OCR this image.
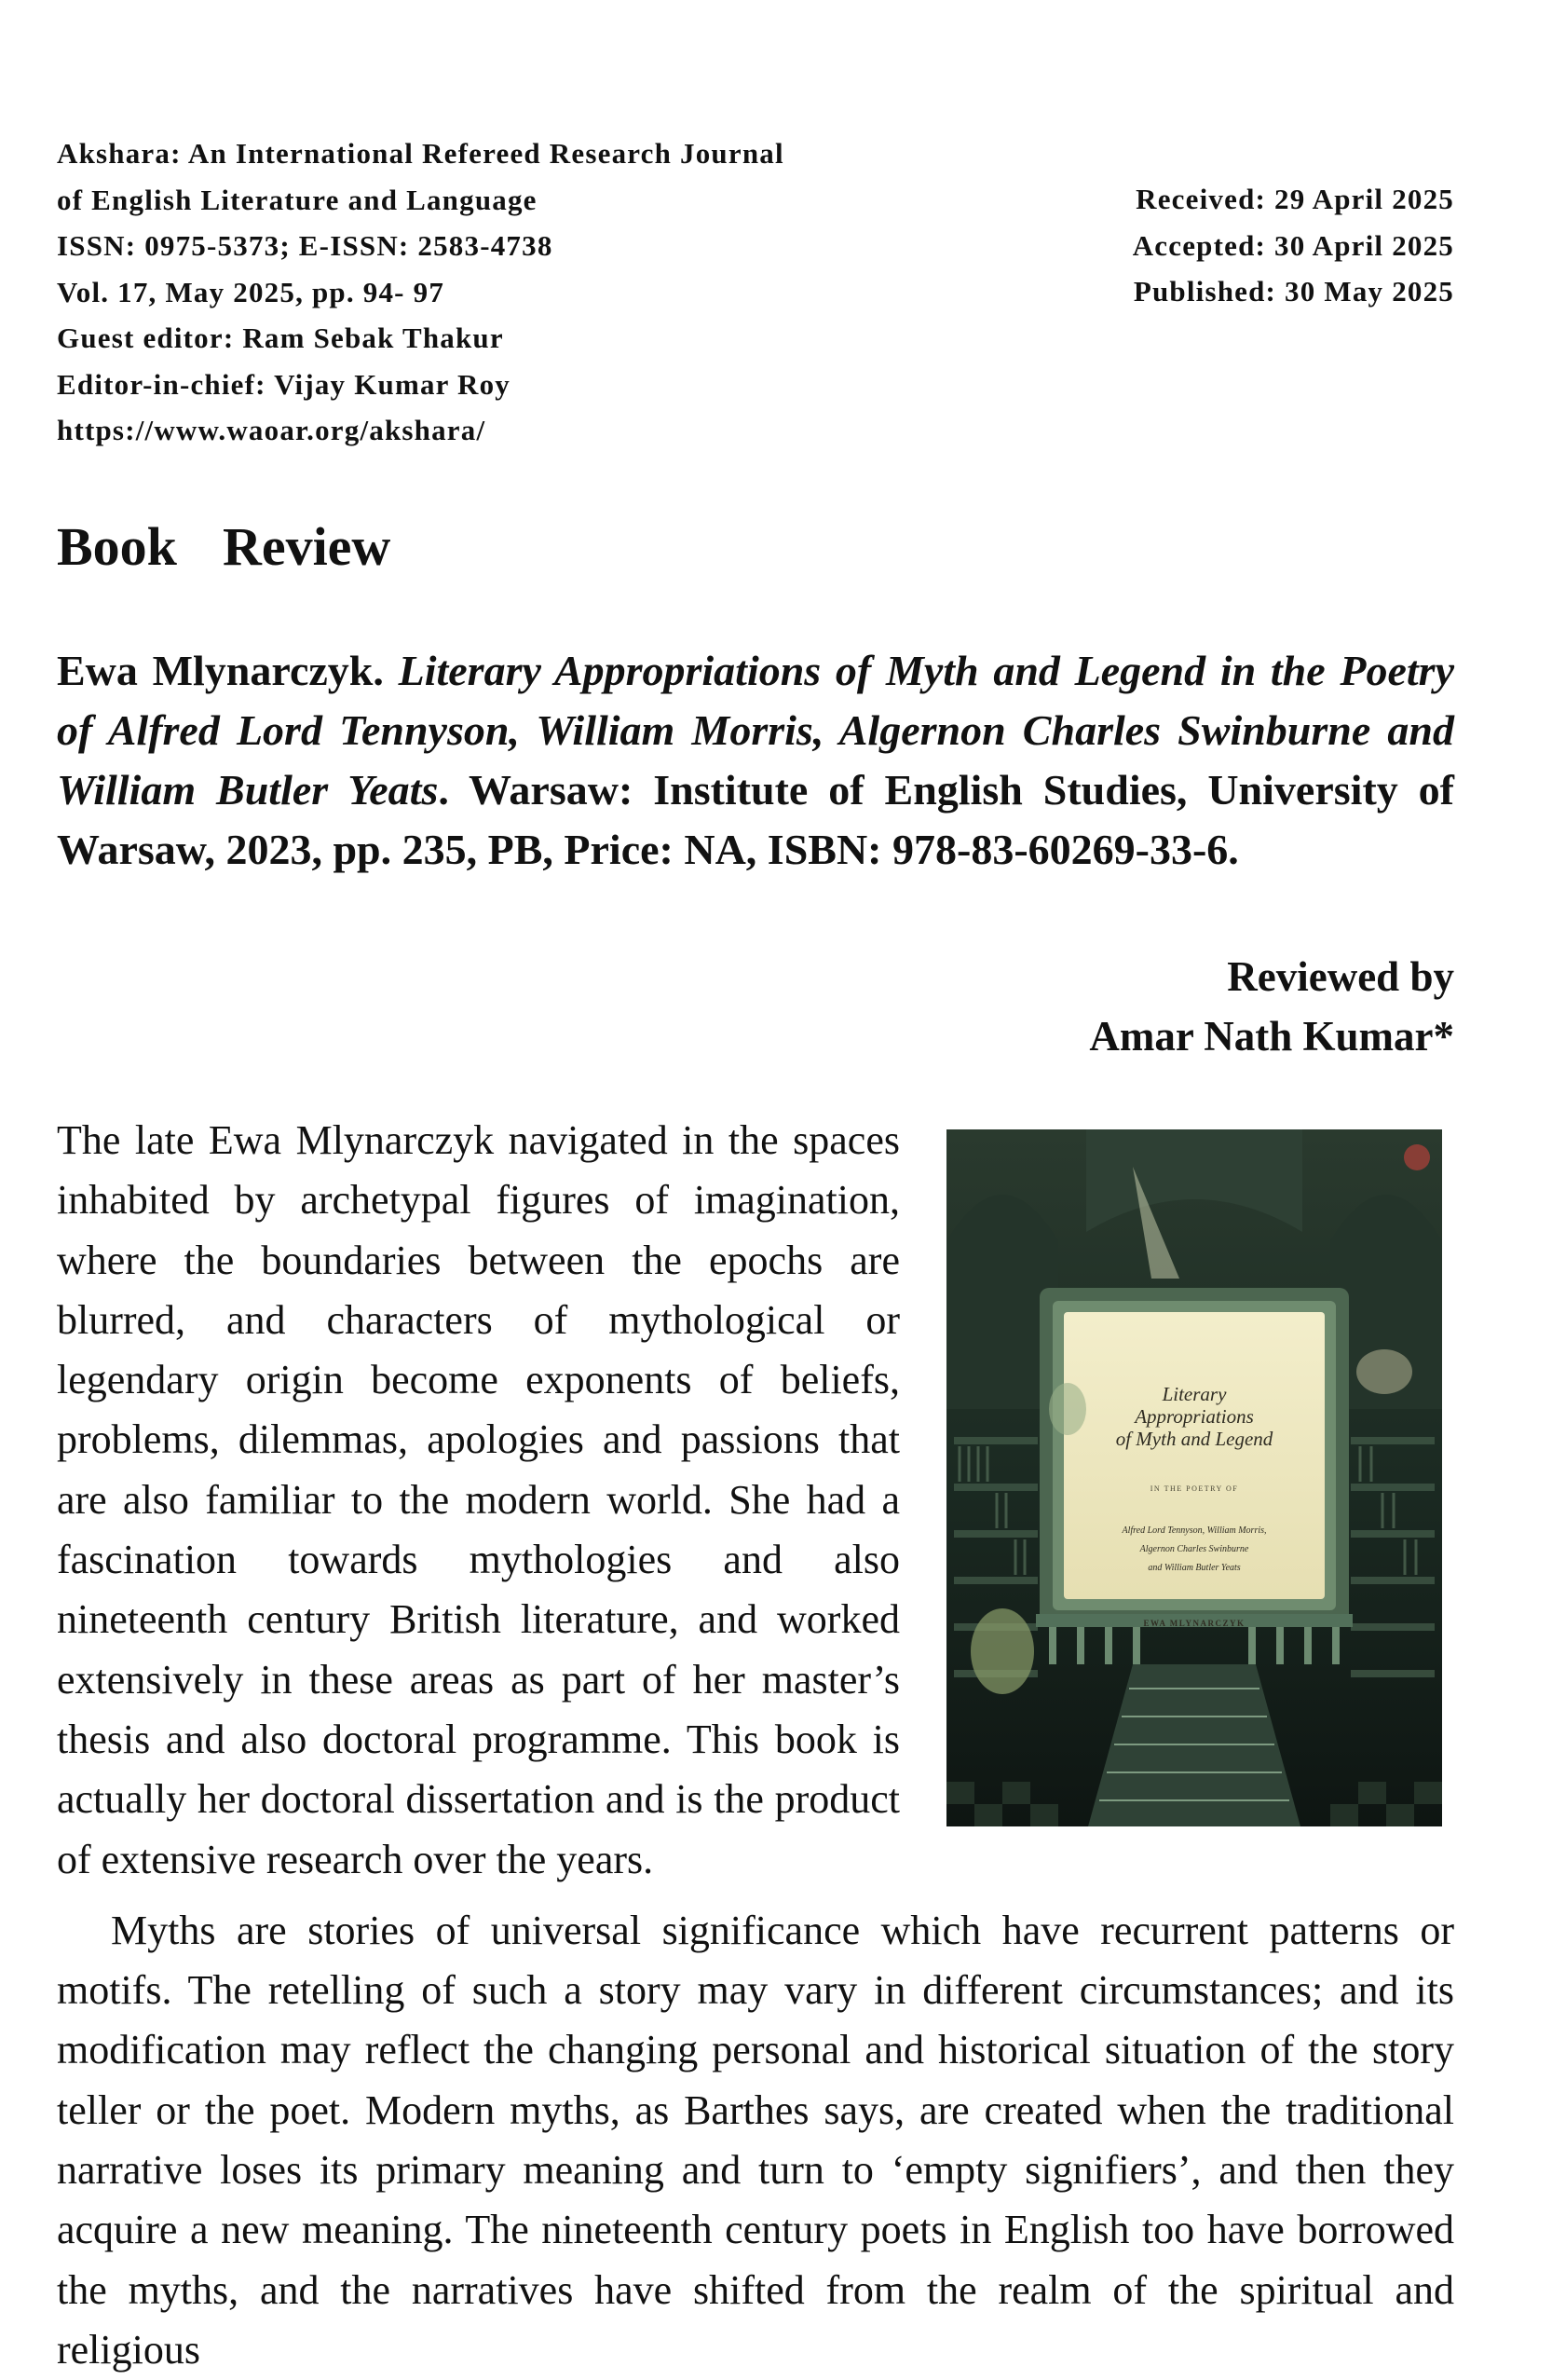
Akshara: An International Refereed Research Journal
of English Literature and Language
ISSN: 0975-5373; E-ISSN: 2583-4738
Vol. 17, May 2025, pp. 94- 97
Guest editor: Ram Sebak Thakur
Editor-in-chief: Vijay Kumar Roy
https://www.waoar.org/akshara/
Received: 29 April 2025
Accepted: 30 April 2025
Published: 30 May 2025
Book  Review

Ewa Mlynarczyk. Literary Appropriations of Myth and Legend in the Poetry of Alfred Lord Tennyson, William Morris, Algernon Charles Swinburne and William Butler Yeats. Warsaw: Institute of English Studies, University of Warsaw, 2023, pp. 235, PB, Price: NA, ISBN: 978-83-60269-33-6.

Reviewed by
Amar Nath Kumar*
Literary
Appropriations
of Myth and Legend
IN THE POETRY OF
Alfred Lord Tennyson, William Morris,
Algernon Charles Swinburne
and William Butler Yeats
EWA MLYNARCZYK

The late Ewa Mlynarczyk navigated in the spaces inhabited by archetypal figures of imagination, where the boundaries between the epochs are blurred, and characters of mythological or legendary origin become exponents of beliefs, problems, dilemmas, apologies and passions that are also familiar to the modern world. She had a fascination towards mythologies and also nineteenth century British literature, and worked extensively in these areas as part of her master’s thesis and also doctoral programme. This book is actually her doctoral dissertation and is the product of extensive research over the years.

Myths are stories of universal significance which have recurrent patterns or motifs. The retelling of such a story may vary in different circumstances; and its modification may reflect the changing personal and historical situation of the story teller or the poet. Modern myths, as Barthes says, are created when the traditional narrative loses its primary meaning and turn to ‘empty signifiers’, and then they acquire a new meaning. The nineteenth century poets in English too have borrowed the myths, and the narratives have shifted from the realm of the spiritual and religious
